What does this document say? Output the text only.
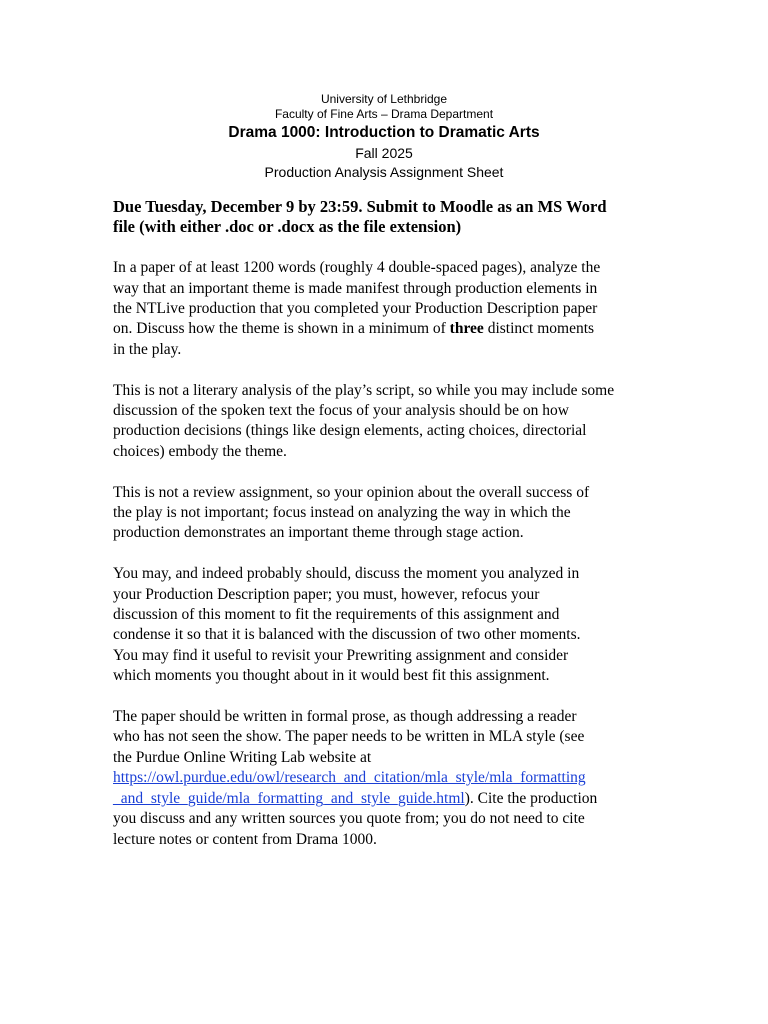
University of Lethbridge
Faculty of Fine Arts – Drama Department
Drama 1000: Introduction to Dramatic Arts
Fall 2025
Production Analysis Assignment Sheet

Due Tuesday, December 9 by 23:59. Submit to Moodle as an MS Word
file (with either .doc or .docx as the file extension)

In a paper of at least 1200 words (roughly 4 double-spaced pages), analyze the
way that an important theme is made manifest through production elements in
the NTLive production that you completed your Production Description paper
on. Discuss how the theme is shown in a minimum of three distinct moments
in the play.

This is not a literary analysis of the play’s script, so while you may include some
discussion of the spoken text the focus of your analysis should be on how
production decisions (things like design elements, acting choices, directorial
choices) embody the theme.

This is not a review assignment, so your opinion about the overall success of
the play is not important; focus instead on analyzing the way in which the
production demonstrates an important theme through stage action.

You may, and indeed probably should, discuss the moment you analyzed in
your Production Description paper; you must, however, refocus your
discussion of this moment to fit the requirements of this assignment and
condense it so that it is balanced with the discussion of two other moments.
You may find it useful to revisit your Prewriting assignment and consider
which moments you thought about in it would best fit this assignment.

The paper should be written in formal prose, as though addressing a reader
who has not seen the show. The paper needs to be written in MLA style (see
the Purdue Online Writing Lab website at
https://owl.purdue.edu/owl/research_and_citation/mla_style/mla_formatting
_and_style_guide/mla_formatting_and_style_guide.html). Cite the production
you discuss and any written sources you quote from; you do not need to cite
lecture notes or content from Drama 1000.
